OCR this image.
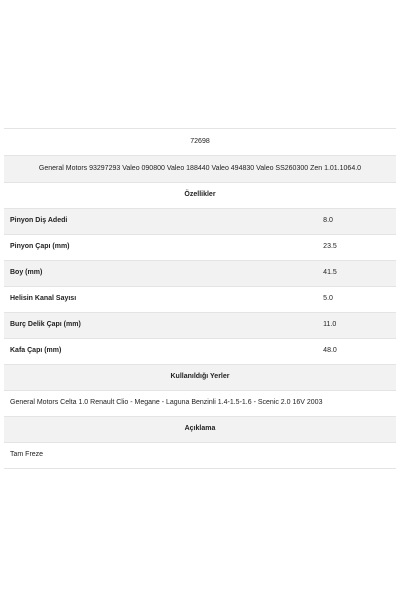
72698	
General Motors 93297293 Valeo 090800 Valeo 188440 Valeo 494830 Valeo SS260300 Zen 1.01.1064.0	
Özellikler	
Pinyon Diş Adedi	8.0
Pinyon Çapı (mm)	23.5
Boy (mm)	41.5
Helisin Kanal Sayısı	5.0
Burç Delik Çapı (mm)	11.0
Kafa Çapı (mm)	48.0
Kullanıldığı Yerler	
General Motors Celta 1.0 Renault Clio - Megane - Laguna Benzinli 1.4-1.5-1.6 - Scenic 2.0 16V 2003	
Açıklama	
Tam Freze	
